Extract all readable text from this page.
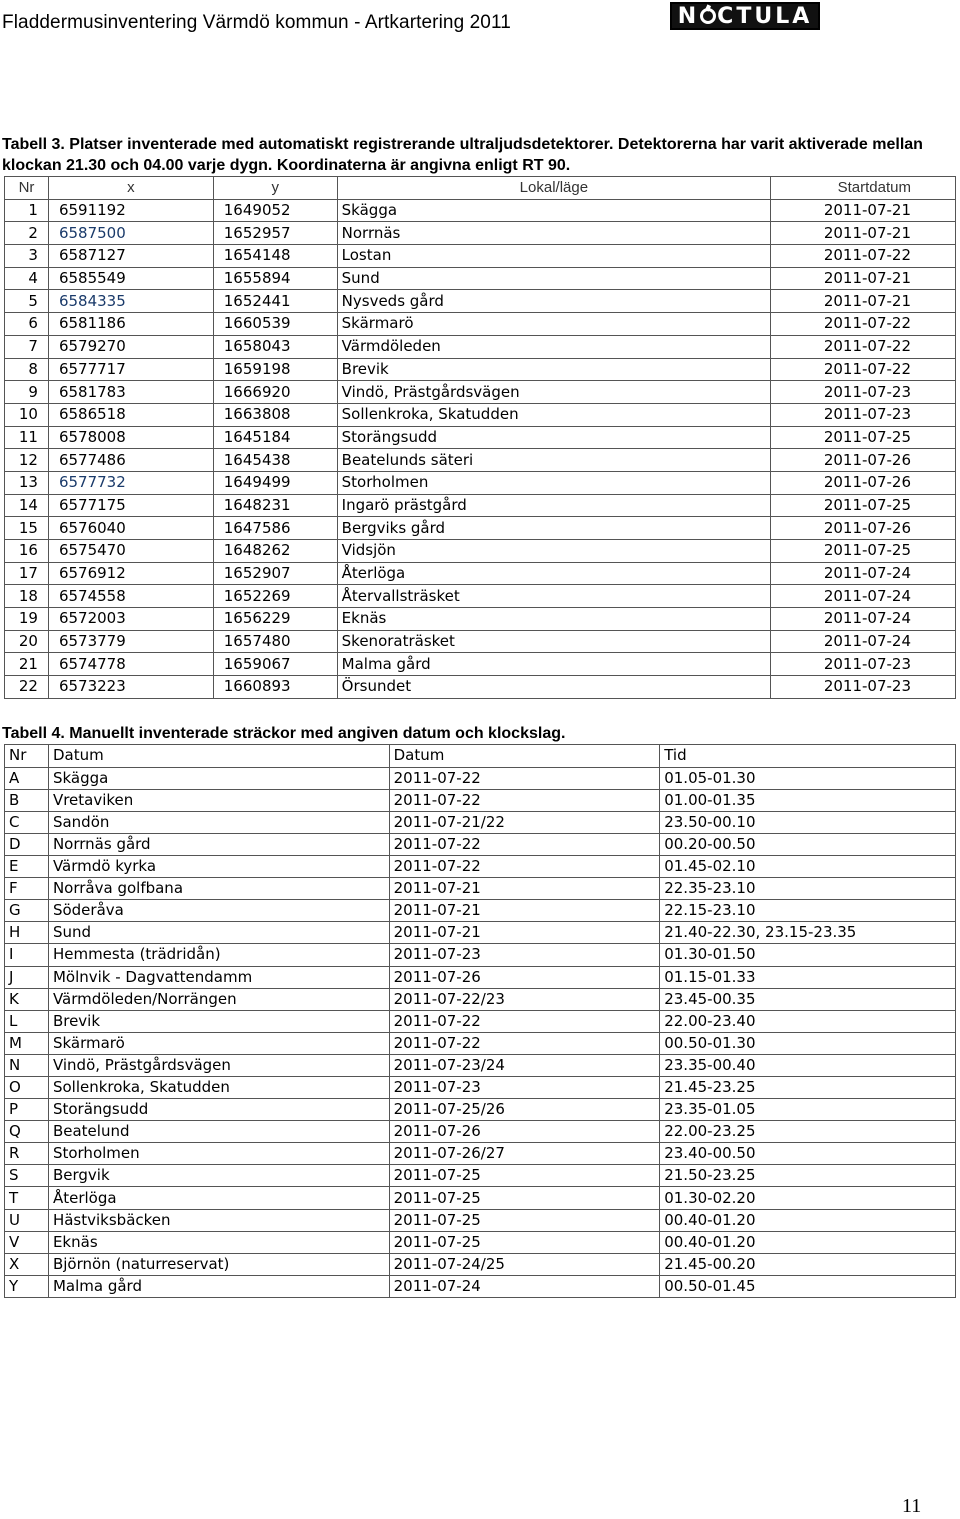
Fladdermusinventering Värmdö kommun - Artkartering 2011	N CTULA
Tabell 3. Platser inventerade med automatiskt registrerande ultraljudsdetektorer. Detektorerna har varit aktiverade mellan klockan 21.30 och 04.00 varje dygn. Koordinaterna är angivna enligt RT 90.
Nr	x	y	Lokal/läge	Startdatum
1	6591192	1649052	Skägga	2011-07-21
2	6587500	1652957	Norrnäs	2011-07-21
3	6587127	1654148	Lostan	2011-07-22
4	6585549	1655894	Sund	2011-07-21
5	6584335	1652441	Nysveds gård	2011-07-21
6	6581186	1660539	Skärmarö	2011-07-22
7	6579270	1658043	Värmdöleden	2011-07-22
8	6577717	1659198	Brevik	2011-07-22
9	6581783	1666920	Vindö, Prästgårdsvägen	2011-07-23
10	6586518	1663808	Sollenkroka, Skatudden	2011-07-23
11	6578008	1645184	Storängsudd	2011-07-25
12	6577486	1645438	Beatelunds säteri	2011-07-26
13	6577732	1649499	Storholmen	2011-07-26
14	6577175	1648231	Ingarö prästgård	2011-07-25
15	6576040	1647586	Bergviks gård	2011-07-26
16	6575470	1648262	Vidsjön	2011-07-25
17	6576912	1652907	Återlöga	2011-07-24
18	6574558	1652269	Återvallsträsket	2011-07-24
19	6572003	1656229	Eknäs	2011-07-24
20	6573779	1657480	Skenoraträsket	2011-07-24
21	6574778	1659067	Malma gård	2011-07-23
22	6573223	1660893	Örsundet	2011-07-23
Tabell 4. Manuellt inventerade sträckor med angiven datum och klockslag.
Nr	Datum	Datum	Tid
A	Skägga	2011-07-22	01.05-01.30
B	Vretaviken	2011-07-22	01.00-01.35
C	Sandön	2011-07-21/22	23.50-00.10
D	Norrnäs gård	2011-07-22	00.20-00.50
E	Värmdö kyrka	2011-07-22	01.45-02.10
F	Norråva golfbana	2011-07-21	22.35-23.10
G	Söderåva	2011-07-21	22.15-23.10
H	Sund	2011-07-21	21.40-22.30, 23.15-23.35
I	Hemmesta (trädridån)	2011-07-23	01.30-01.50
J	Mölnvik - Dagvattendamm	2011-07-26	01.15-01.33
K	Värmdöleden/Norrängen	2011-07-22/23	23.45-00.35
L	Brevik	2011-07-22	22.00-23.40
M	Skärmarö	2011-07-22	00.50-01.30
N	Vindö, Prästgårdsvägen	2011-07-23/24	23.35-00.40
O	Sollenkroka, Skatudden	2011-07-23	21.45-23.25
P	Storängsudd	2011-07-25/26	23.35-01.05
Q	Beatelund	2011-07-26	22.00-23.25
R	Storholmen	2011-07-26/27	23.40-00.50
S	Bergvik	2011-07-25	21.50-23.25
T	Återlöga	2011-07-25	01.30-02.20
U	Hästviksbäcken	2011-07-25	00.40-01.20
V	Eknäs	2011-07-25	00.40-01.20
X	Björnön (naturreservat)	2011-07-24/25	21.45-00.20
Y	Malma gård	2011-07-24	00.50-01.45
11
